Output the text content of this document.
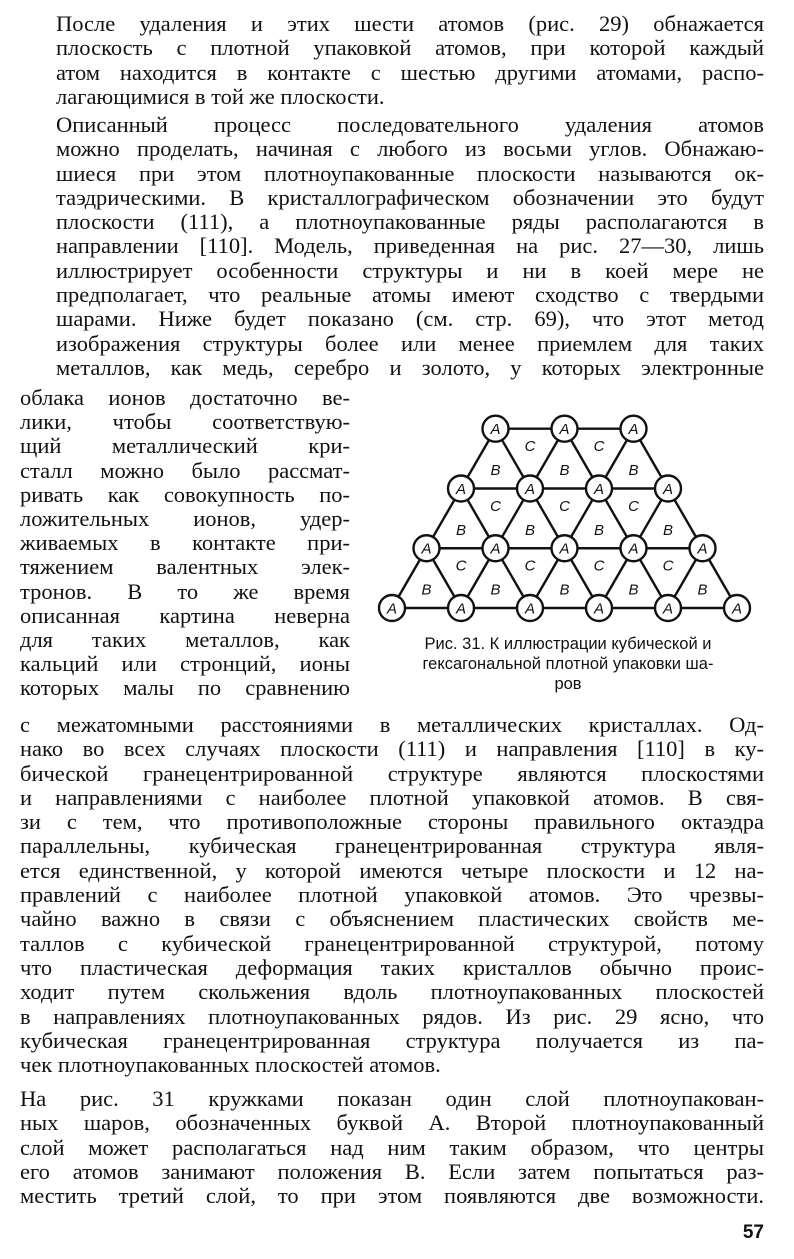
После удаления и этих шести атомов (рис. 29) обнажается
плоскость с плотной упаковкой атомов, при которой каждый
атом находится в контакте с шестью другими атомами, распо-
лагающимися в той же плоскости.
Описанный процесс последовательного удаления атомов
можно проделать, начиная с любого из восьми углов. Обнажаю-
шиеся при этом плотноупакованные плоскости называются ок-
таэдрическими. В кристаллографическом обозначении это будут
плоскости (111), а плотноупакованные ряды располагаются в
направлении [110]. Модель, приведенная на рис. 27—30, лишь
иллюстрирует особенности структуры и ни в коей мере не
предполагает, что реальные атомы имеют сходство с твердыми
шарами. Ниже будет показано (см. стр. 69), что этот метод
изображения структуры более или менее приемлем для таких
металлов, как медь, серебро и золото, у которых электронные
облака ионов достаточно ве-
лики, чтобы соответствую-
щий металлический кри-
сталл можно было рассмат-
ривать как совокупность по-
ложительных ионов, удер-
живаемых в контакте при-
тяжением валентных элек-
тронов. В то же время
описанная картина неверна
для таких металлов, как
кальций или стронций, ионы
которых малы по сравнению
с межатомными расстояниями в металлических кристаллах. Од-
нако во всех случаях плоскости (111) и направления [110] в ку-
бической гранецентрированной структуре являются плоскостями
и направлениями с наиболее плотной упаковкой атомов. В свя-
зи с тем, что противоположные стороны правильного октаэдра
параллельны, кубическая гранецентрированная структура явля-
ется единственной, у которой имеются четыре плоскости и 12 на-
правлений с наиболее плотной упаковкой атомов. Это чрезвы-
чайно важно в связи с объяснением пластических свойств ме-
таллов с кубической гранецентрированной структурой, потому
что пластическая деформация таких кристаллов обычно проис-
ходит путем скольжения вдоль плотноупакованных плоскостей
в направлениях плотноупакованных рядов. Из рис. 29 ясно, что
кубическая гранецентрированная структура получается из па-
чек плотноупакованных плоскостей атомов.
На рис. 31 кружками показан один слой плотноупакован-
ных шаров, обозначенных буквой А. Второй плотноупакованный
слой может располагаться над ним таким образом, что центры
его атомов занимают положения В. Если затем попытаться раз-
местить третий слой, то при этом появляются две возможности.
B	B	B	B	B
C	C	C	C
B	B	B	B
C	C	C
B	B	B
C	C
A	A	A	A	A	A
A	A	A	A	A
A	A	A	A
A	A	A
Рис. 31. К иллюстрации кубической и
гексагональной плотной упаковки ша-
ров
57
